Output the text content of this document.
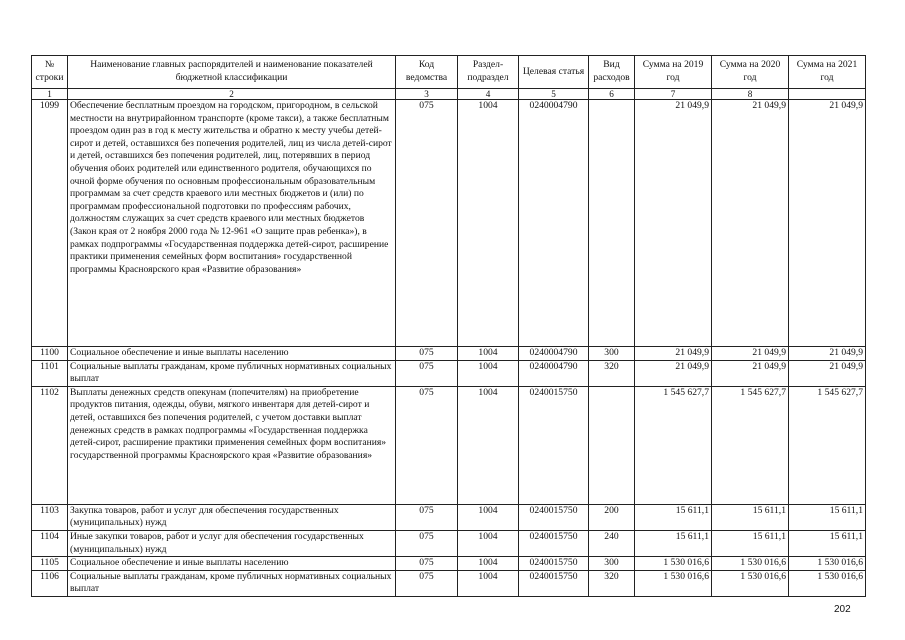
№ строки	Наименование главных распорядителей и наименование показателей бюджетной классификации	Код ведомства	Раздел-подраздел	Целевая статья	Вид расходов	Сумма на 2019 год	Сумма на 2020 год	Сумма на 2021 год
1	2	3	4	5	6	7	8	
1099	Обеспечение бесплатным проездом на городском, пригородном, в сельской местности на внутрирайонном транспорте (кроме такси), а также бесплатным проездом один раз в год к месту жительства и обратно к месту учебы детей-сирот и детей, оставшихся без попечения родителей, лиц из числа детей-сирот и детей, оставшихся без попечения родителей, лиц, потерявших в период обучения обоих родителей или единственного родителя, обучающихся по очной форме обучения по основным профессиональным образовательным программам за счет средств краевого или местных бюджетов и (или) по программам профессиональной подготовки по профессиям рабочих, должностям служащих за счет средств краевого или местных бюджетов (Закон края от 2 ноября 2000 года № 12-961 «О защите прав ребенка»), в рамках подпрограммы «Государственная поддержка детей-сирот, расширение практики применения семейных форм воспитания» государственной программы Красноярского края «Развитие образования»	075	1004	0240004790		21 049,9	21 049,9	21 049,9
1100	Социальное обеспечение и иные выплаты населению	075	1004	0240004790	300	21 049,9	21 049,9	21 049,9
1101	Социальные выплаты гражданам, кроме публичных нормативных социальных выплат	075	1004	0240004790	320	21 049,9	21 049,9	21 049,9
1102	Выплаты денежных средств опекунам (попечителям) на приобретение продуктов питания, одежды, обуви, мягкого инвентаря для детей-сирот и детей, оставшихся без попечения родителей, с учетом доставки выплат денежных средств в рамках подпрограммы «Государственная поддержка детей-сирот, расширение практики применения семейных форм воспитания» государственной программы Красноярского края «Развитие образования»	075	1004	0240015750		1 545 627,7	1 545 627,7	1 545 627,7
1103	Закупка товаров, работ и услуг для обеспечения государственных (муниципальных) нужд	075	1004	0240015750	200	15 611,1	15 611,1	15 611,1
1104	Иные закупки товаров, работ и услуг для обеспечения государственных (муниципальных) нужд	075	1004	0240015750	240	15 611,1	15 611,1	15 611,1
1105	Социальное обеспечение и иные выплаты населению	075	1004	0240015750	300	1 530 016,6	1 530 016,6	1 530 016,6
1106	Социальные выплаты гражданам, кроме публичных нормативных социальных выплат	075	1004	0240015750	320	1 530 016,6	1 530 016,6	1 530 016,6
202
